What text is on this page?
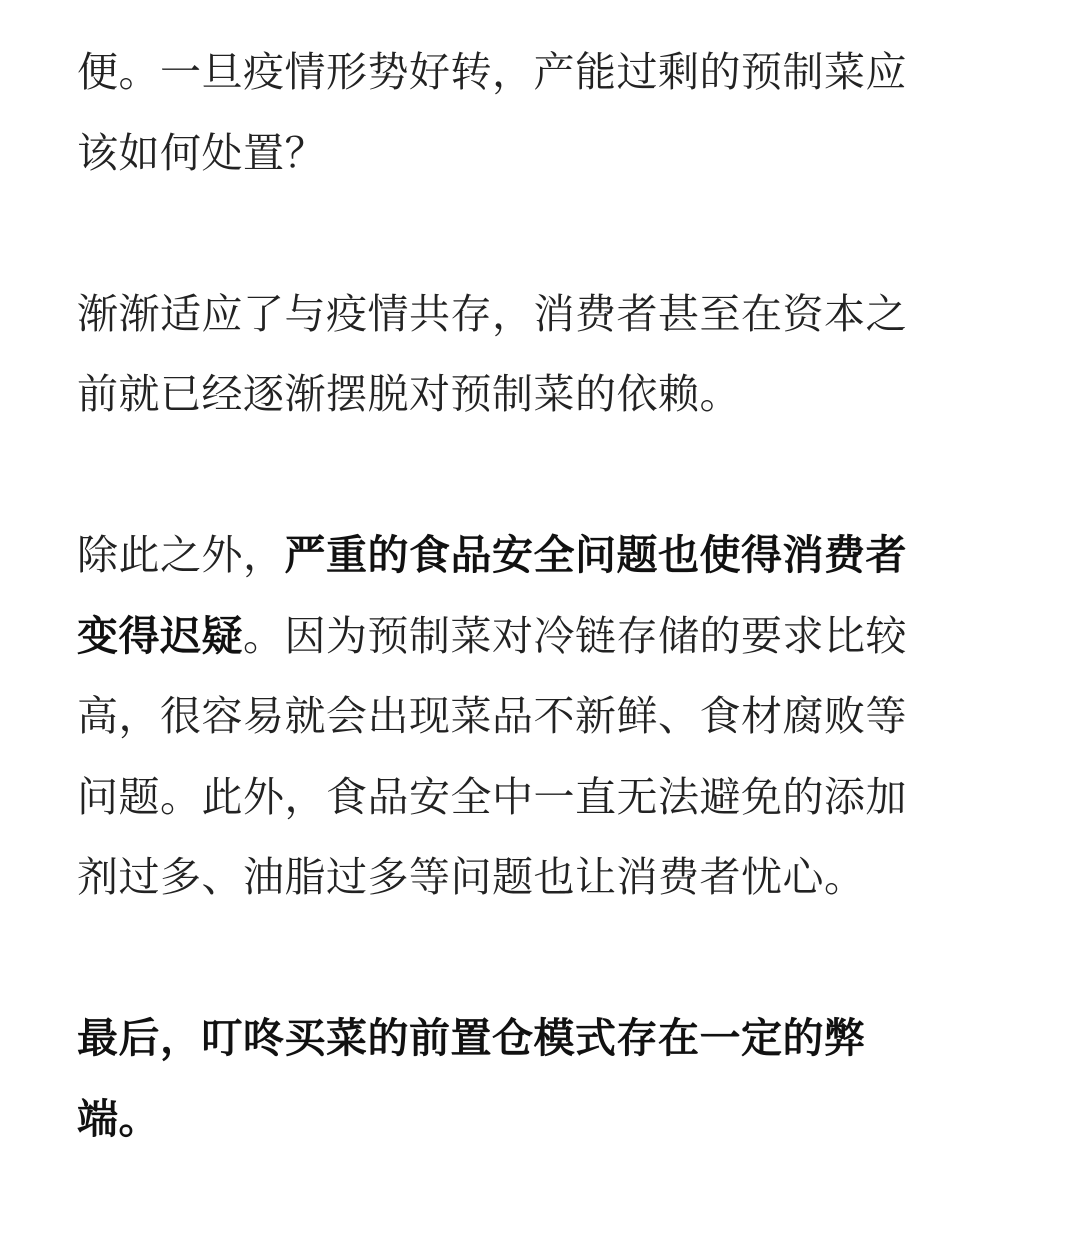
便。一旦疫情形势好转，产能过剩的预制菜应
该如何处置？

渐渐适应了与疫情共存，消费者甚至在资本之
前就已经逐渐摆脱对预制菜的依赖。

除此之外，严重的食品安全问题也使得消费者
变得迟疑。因为预制菜对冷链存储的要求比较
高，很容易就会出现菜品不新鲜、食材腐败等
问题。此外，食品安全中一直无法避免的添加
剂过多、油脂过多等问题也让消费者忧心。

最后，叮咚买菜的前置仓模式存在一定的弊
端。
